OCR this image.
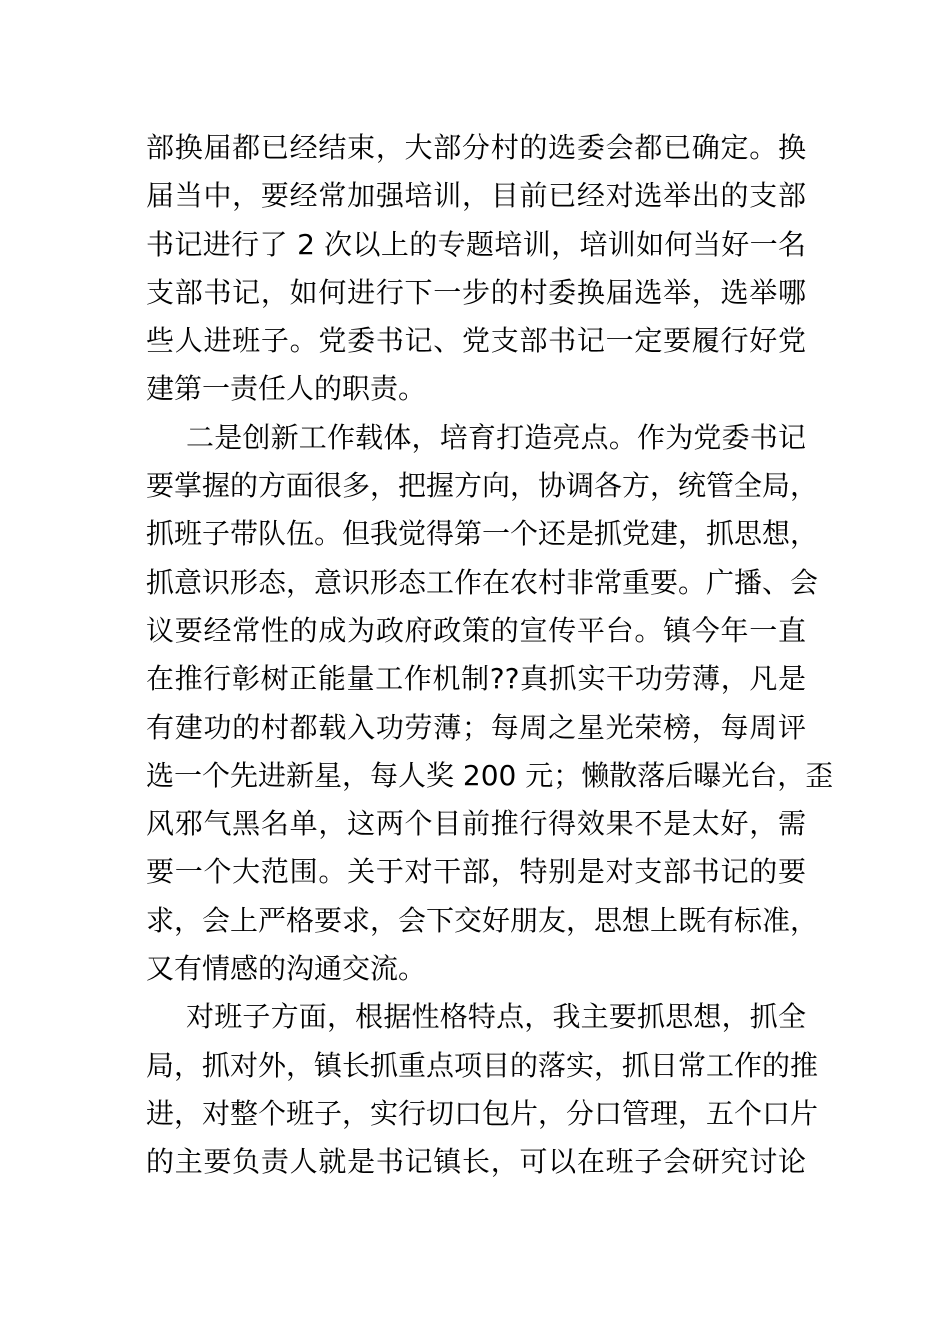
部换届都已经结束，大部分村的选委会都已确定。换
届当中，要经常加强培训，目前已经对选举出的支部
书记进行了 2 次以上的专题培训，培训如何当好一名
支部书记，如何进行下一步的村委换届选举，选举哪
些人进班子。党委书记、党支部书记一定要履行好党
建第一责任人的职责。
二是创新工作载体，培育打造亮点。作为党委书记
要掌握的方面很多，把握方向，协调各方，统管全局，
抓班子带队伍。但我觉得第一个还是抓党建，抓思想，
抓意识形态，意识形态工作在农村非常重要。广播、会
议要经常性的成为政府政策的宣传平台。镇今年一直
在推行彰树正能量工作机制??真抓实干功劳薄，凡是
有建功的村都载入功劳薄；每周之星光荣榜，每周评
选一个先进新星，每人奖 200 元；懒散落后曝光台，歪
风邪气黑名单，这两个目前推行得效果不是太好，需
要一个大范围。关于对干部，特别是对支部书记的要
求，会上严格要求，会下交好朋友，思想上既有标准，
又有情感的沟通交流。
对班子方面，根据性格特点，我主要抓思想，抓全
局，抓对外，镇长抓重点项目的落实，抓日常工作的推
进，对整个班子，实行切口包片，分口管理，五个口片
的主要负责人就是书记镇长，可以在班子会研究讨论
